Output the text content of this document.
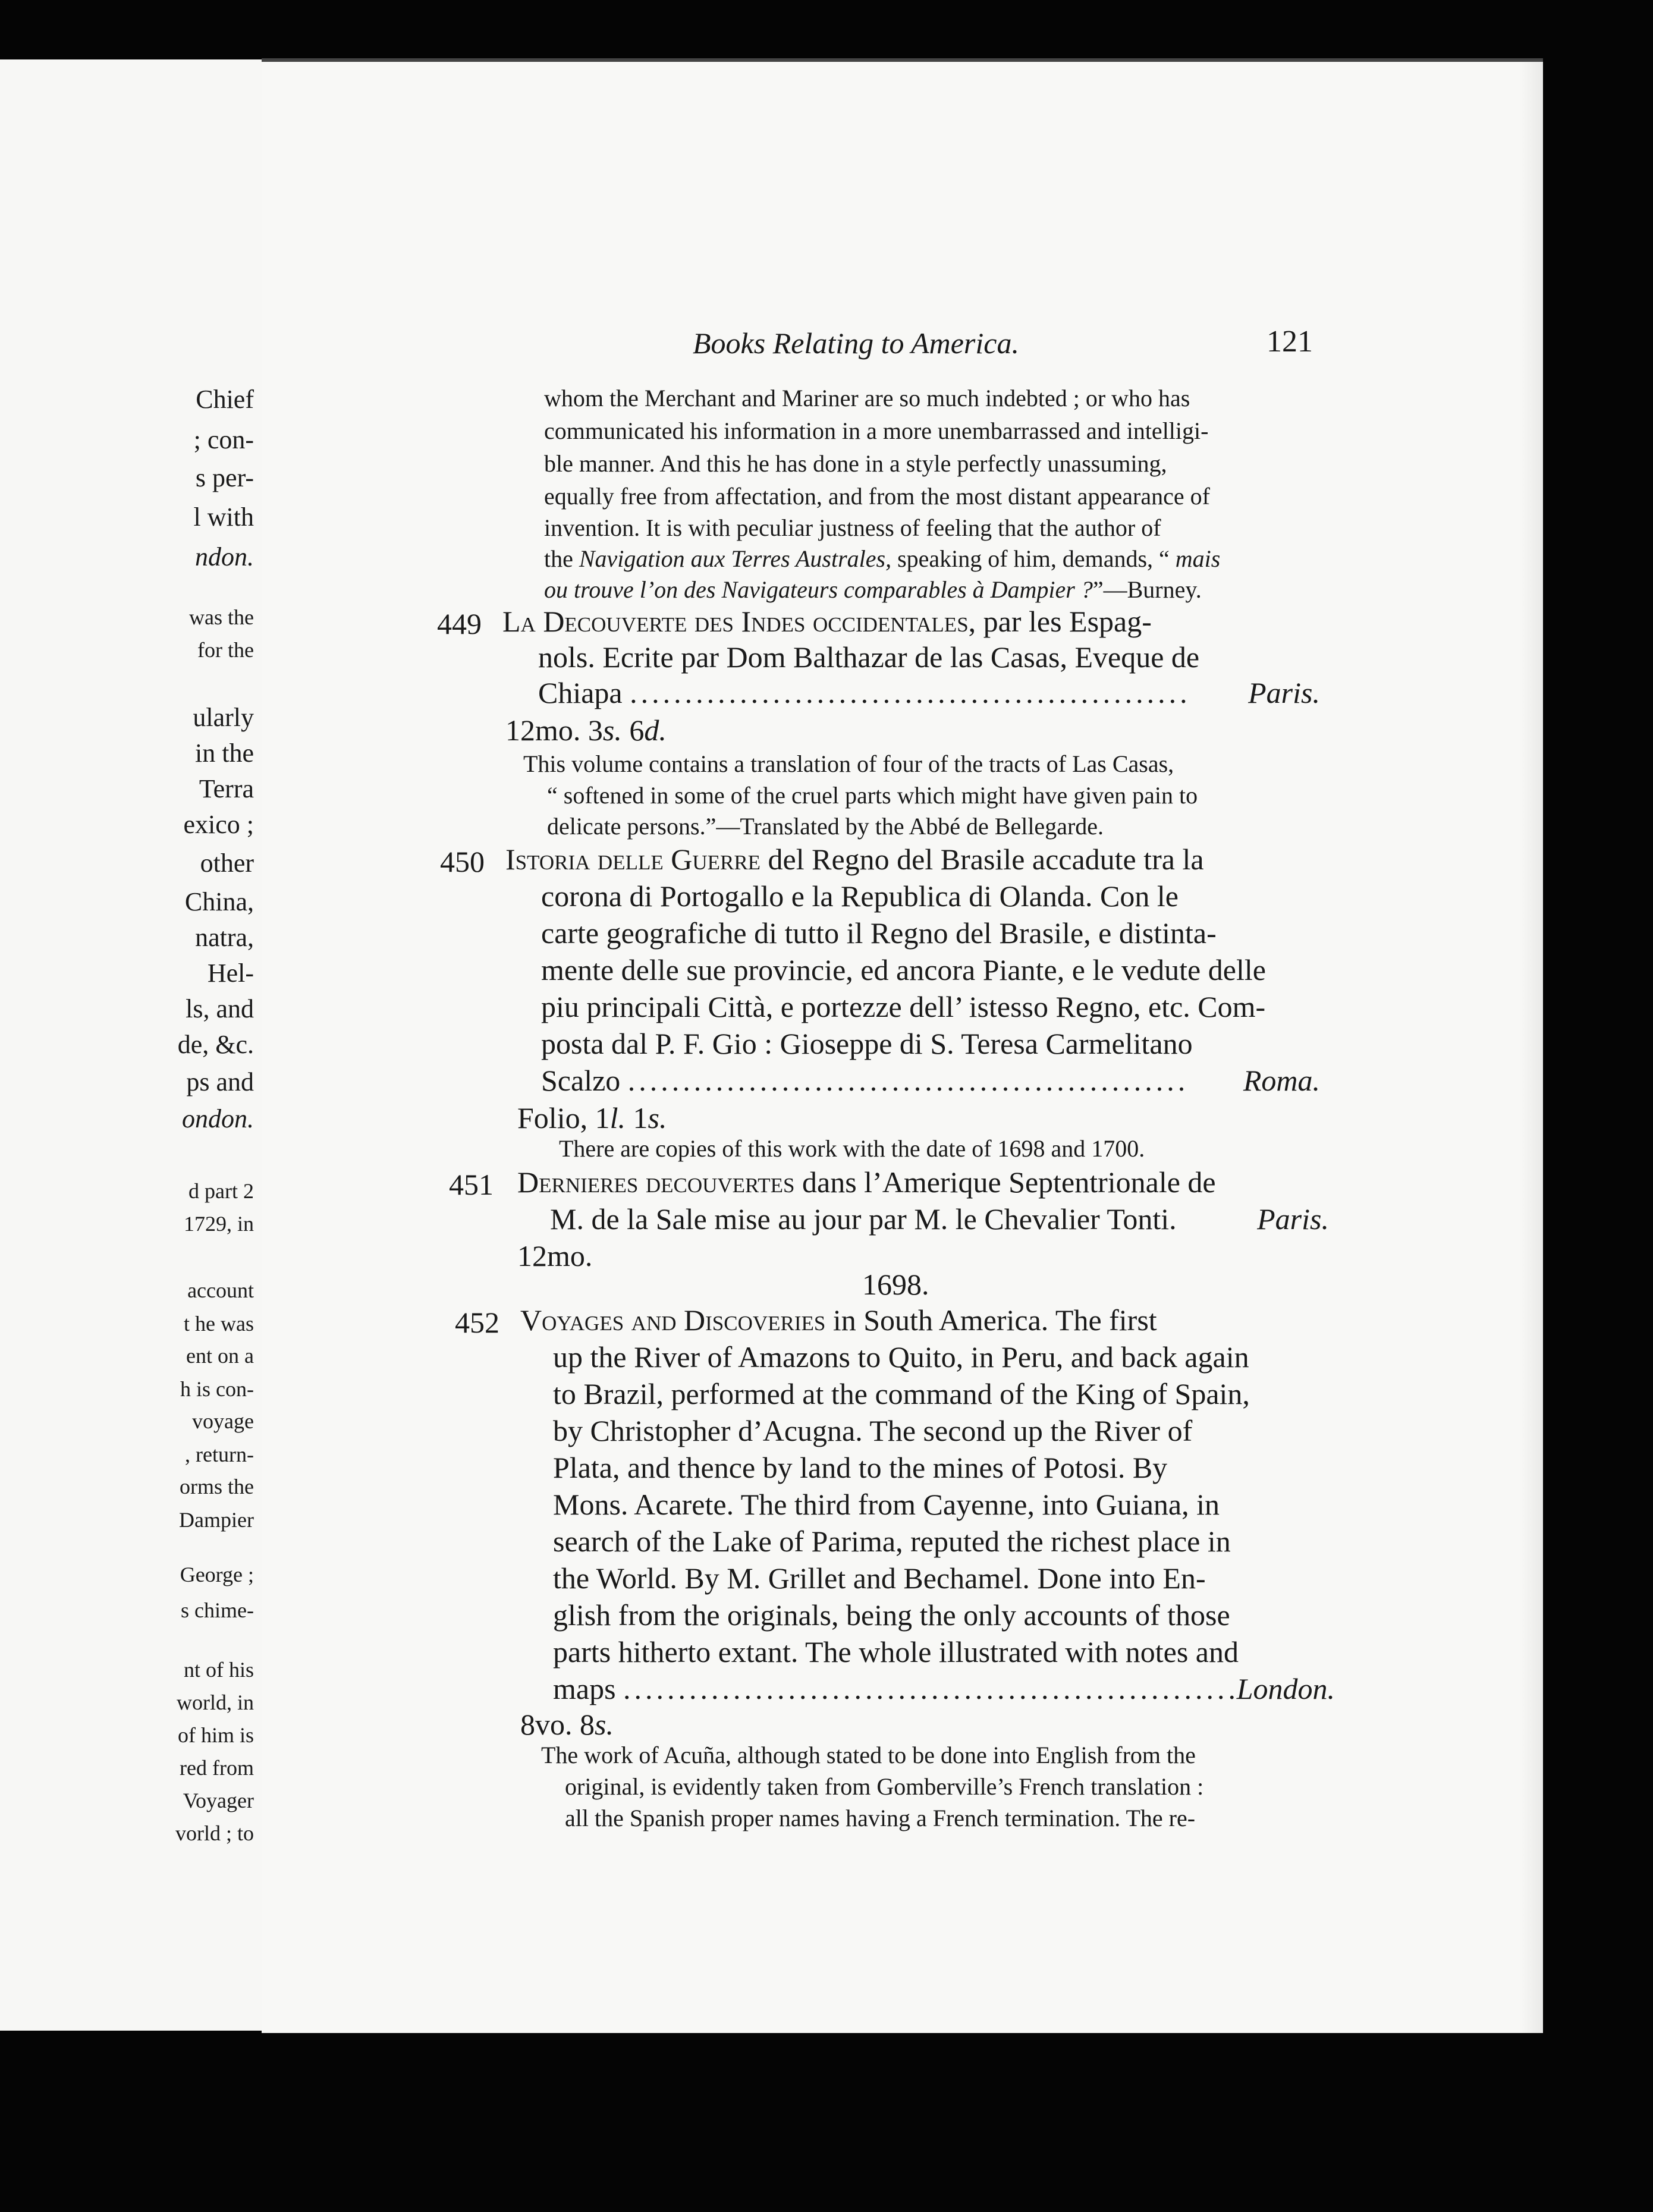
Chief
; con-
s per-
l with
ndon.
was the
for the
ularly
in the
Terra
exico ;
other
China,
natra,
Hel-
ls, and
de, &c.
ps and
ondon.
d part 2
1729, in
account
t he was
ent on a
h is con-
voyage
, return-
orms the
Dampier
George ;
s chime-
nt of his
world, in
of him is
red from
Voyager
vorld ; to
Books Relating to America.	121
whom the Merchant and Mariner are so much indebted ; or who has
communicated his information in a more unembarrassed and intelligi-
ble manner. And this he has done in a style perfectly unassuming,
equally free from affectation, and from the most distant appearance of
invention. It is with peculiar justness of feeling that the author of
the Navigation aux Terres Australes, speaking of him, demands, “ mais
ou trouve l’on des Navigateurs comparables à Dampier ?”—Burney.
449 La Decouverte des Indes occidentales, par les Espag-
nols. Ecrite par Dom Balthazar de las Casas, Eveque de
Chiapa ................................................... Paris.
12mo. 3s. 6d.
This volume contains a translation of four of the tracts of Las Casas,
“ softened in some of the cruel parts which might have given pain to
delicate persons.”—Translated by the Abbé de Bellegarde.
450 Istoria delle Guerre del Regno del Brasile accadute tra la
corona di Portogallo e la Republica di Olanda. Con le
carte geografiche di tutto il Regno del Brasile, e distinta-
mente delle sue provincie, ed ancora Piante, e le vedute delle
piu principali Città, e portezze dell’ istesso Regno, etc. Com-
posta dal P. F. Gio : Gioseppe di S. Teresa Carmelitano
Scalzo ................................................... Roma.
Folio, 1l. 1s.
There are copies of this work with the date of 1698 and 1700.
451 Dernieres decouvertes dans l’Amerique Septentrionale de
M. de la Sale mise au jour par M. le Chevalier Tonti.	Paris.
12mo.
1698.
452 Voyages and Discoveries in South America. The first
up the River of Amazons to Quito, in Peru, and back again
to Brazil, performed at the command of the King of Spain,
by Christopher d’Acugna. The second up the River of
Plata, and thence by land to the mines of Potosi. By
Mons. Acarete. The third from Cayenne, into Guiana, in
search of the Lake of Parima, reputed the richest place in
the World. By M. Grillet and Bechamel. Done into En-
glish from the originals, being the only accounts of those
parts hitherto extant. The whole illustrated with notes and
maps ........................................................
London.
8vo. 8s.
The work of Acuña, although stated to be done into English from the
original, is evidently taken from Gomberville’s French translation :
all the Spanish proper names having a French termination. The re-
